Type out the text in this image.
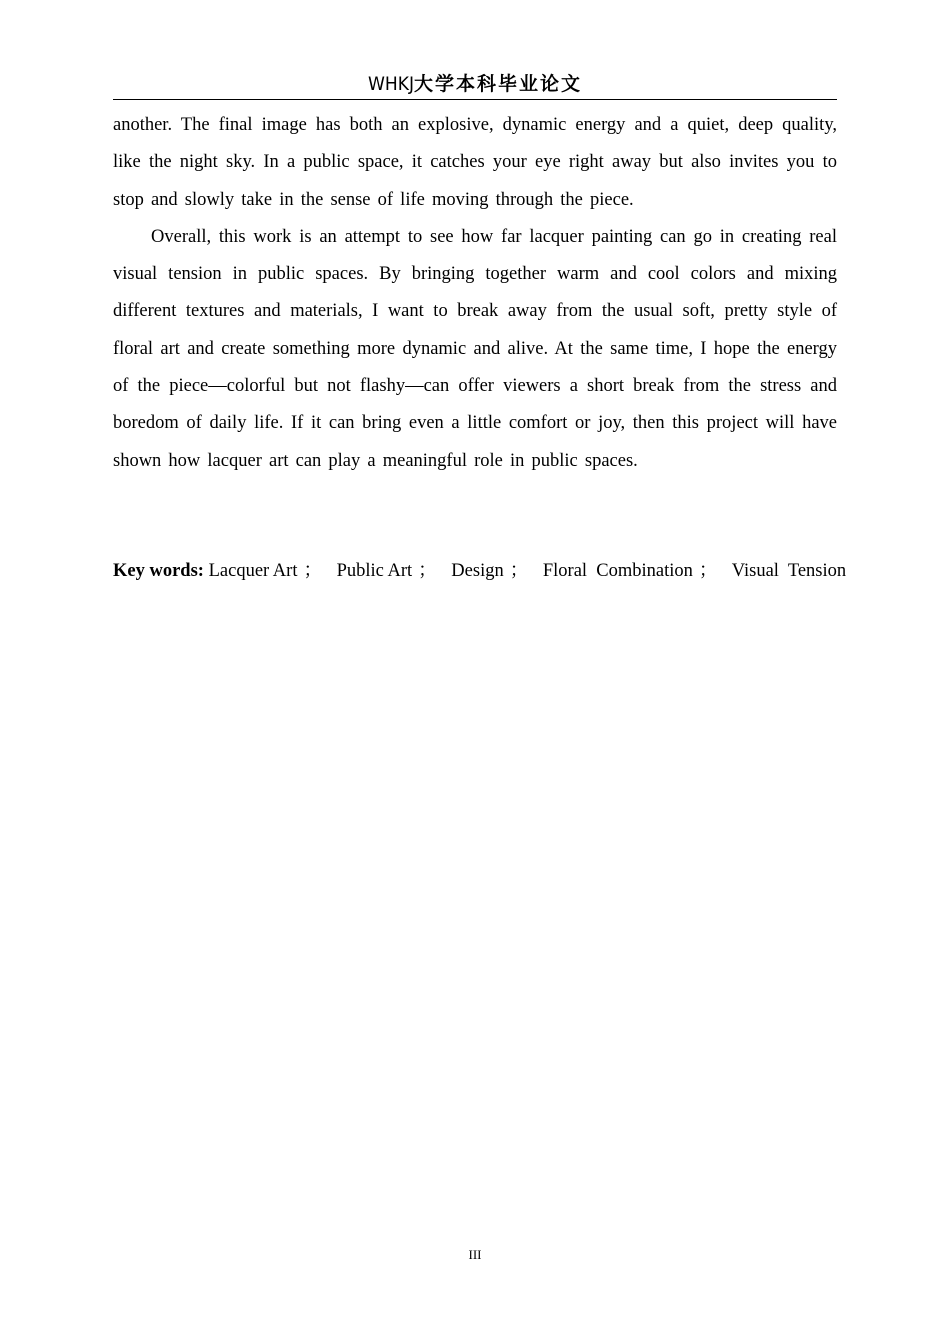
WHKJ大学本科毕业论文

another. The final image has both an explosive, dynamic energy and a quiet, deep quality, like the night sky. In a public space, it catches your eye right away but also invites you to stop and slowly take in the sense of life moving through the piece.

Overall, this work is an attempt to see how far lacquer painting can go in creating real visual tension in public spaces. By bringing together warm and cool colors and mixing different textures and materials, I want to break away from the usual soft, pretty style of floral art and create something more dynamic and alive. At the same time, I hope the energy of the piece—colorful but not flashy—can offer viewers a short break from the stress and boredom of daily life. If it can bring even a little comfort or joy, then this project will have shown how lacquer art can play a meaningful role in public spaces.

Key words: Lacquer Art ； Public Art ； Design ； Floral  Combination ； Visual  Tension
III
